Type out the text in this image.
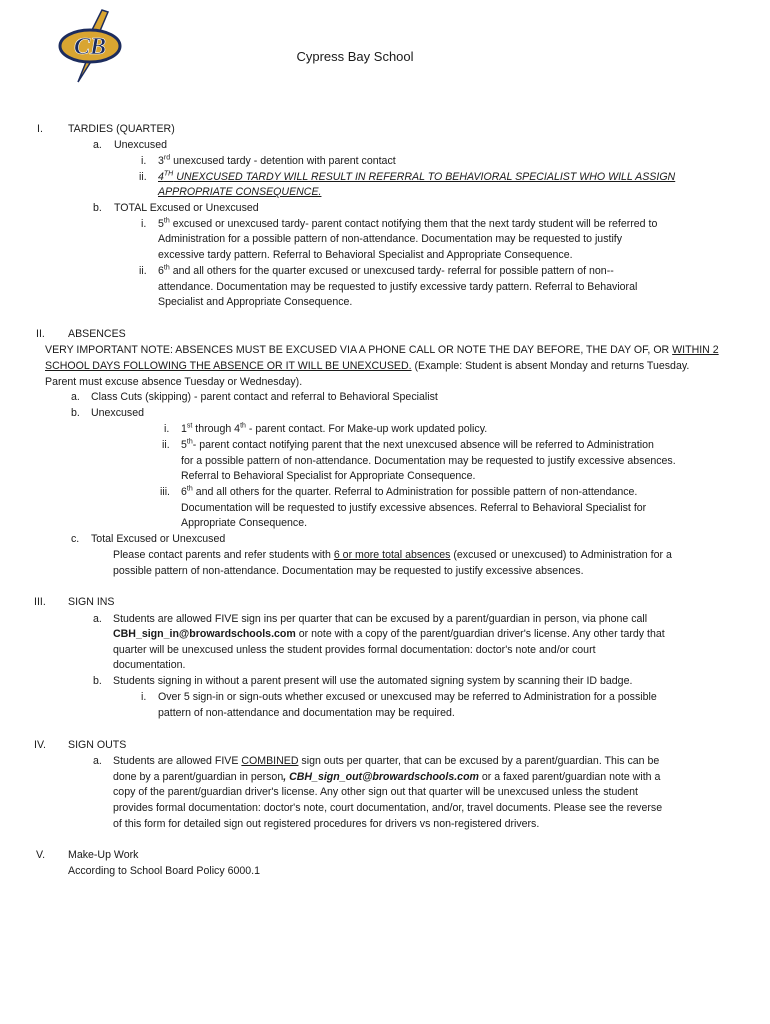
CB	Cypress Bay School
I. TARDIES (QUARTER)
a. Unexcused
i. 3rd unexcused tardy - detention with parent contact
ii. 4TH UNEXCUSED TARDY WILL RESULT IN REFERRAL TO BEHAVIORAL SPECIALIST WHO WILL ASSIGN
APPROPRIATE CONSEQUENCE.
b. TOTAL Excused or Unexcused
i. 5th excused or unexcused tardy- parent contact notifying them that the next tardy student will be referred to
Administration for a possible pattern of non-attendance. Documentation may be requested to justify
excessive tardy pattern. Referral to Behavioral Specialist and Appropriate Consequence.
ii. 6th and all others for the quarter excused or unexcused tardy- referral for possible pattern of non--
attendance. Documentation may be requested to justify excessive tardy pattern. Referral to Behavioral
Specialist and Appropriate Consequence.
II. ABSENCES
VERY IMPORTANT NOTE: ABSENCES MUST BE EXCUSED VIA A PHONE CALL OR NOTE THE DAY BEFORE, THE DAY OF, OR WITHIN 2
SCHOOL DAYS FOLLOWING THE ABSENCE OR IT WILL BE UNEXCUSED. (Example: Student is absent Monday and returns Tuesday.
Parent must excuse absence Tuesday or Wednesday).
a. Class Cuts (skipping) - parent contact and referral to Behavioral Specialist
b. Unexcused
i. 1st through 4th - parent contact. For Make-up work updated policy.
ii. 5th- parent contact notifying parent that the next unexcused absence will be referred to Administration
for a possible pattern of non-attendance. Documentation may be requested to justify excessive absences.
Referral to Behavioral Specialist for Appropriate Consequence.
iii. 6th and all others for the quarter. Referral to Administration for possible pattern of non-attendance.
Documentation will be requested to justify excessive absences. Referral to Behavioral Specialist for
Appropriate Consequence.
c. Total Excused or Unexcused
Please contact parents and refer students with 6 or more total absences (excused or unexcused) to Administration for a
possible pattern of non-attendance. Documentation may be requested to justify excessive absences.
III. SIGN INS
a. Students are allowed FIVE sign ins per quarter that can be excused by a parent/guardian in person, via phone call
CBH_sign_in@browardschools.com or note with a copy of the parent/guardian driver's license. Any other tardy that
quarter will be unexcused unless the student provides formal documentation: doctor's note and/or court
documentation.
b. Students signing in without a parent present will use the automated signing system by scanning their ID badge.
i. Over 5 sign-in or sign-outs whether excused or unexcused may be referred to Administration for a possible
pattern of non-attendance and documentation may be required.
IV. SIGN OUTS
a. Students are allowed FIVE COMBINED sign outs per quarter, that can be excused by a parent/guardian. This can be
done by a parent/guardian in person, CBH_sign_out@browardschools.com or a faxed parent/guardian note with a
copy of the parent/guardian driver's license. Any other sign out that quarter will be unexcused unless the student
provides formal documentation: doctor's note, court documentation, and/or, travel documents. Please see the reverse
of this form for detailed sign out registered procedures for drivers vs non-registered drivers.
V. Make-Up Work
According to School Board Policy 6000.1
